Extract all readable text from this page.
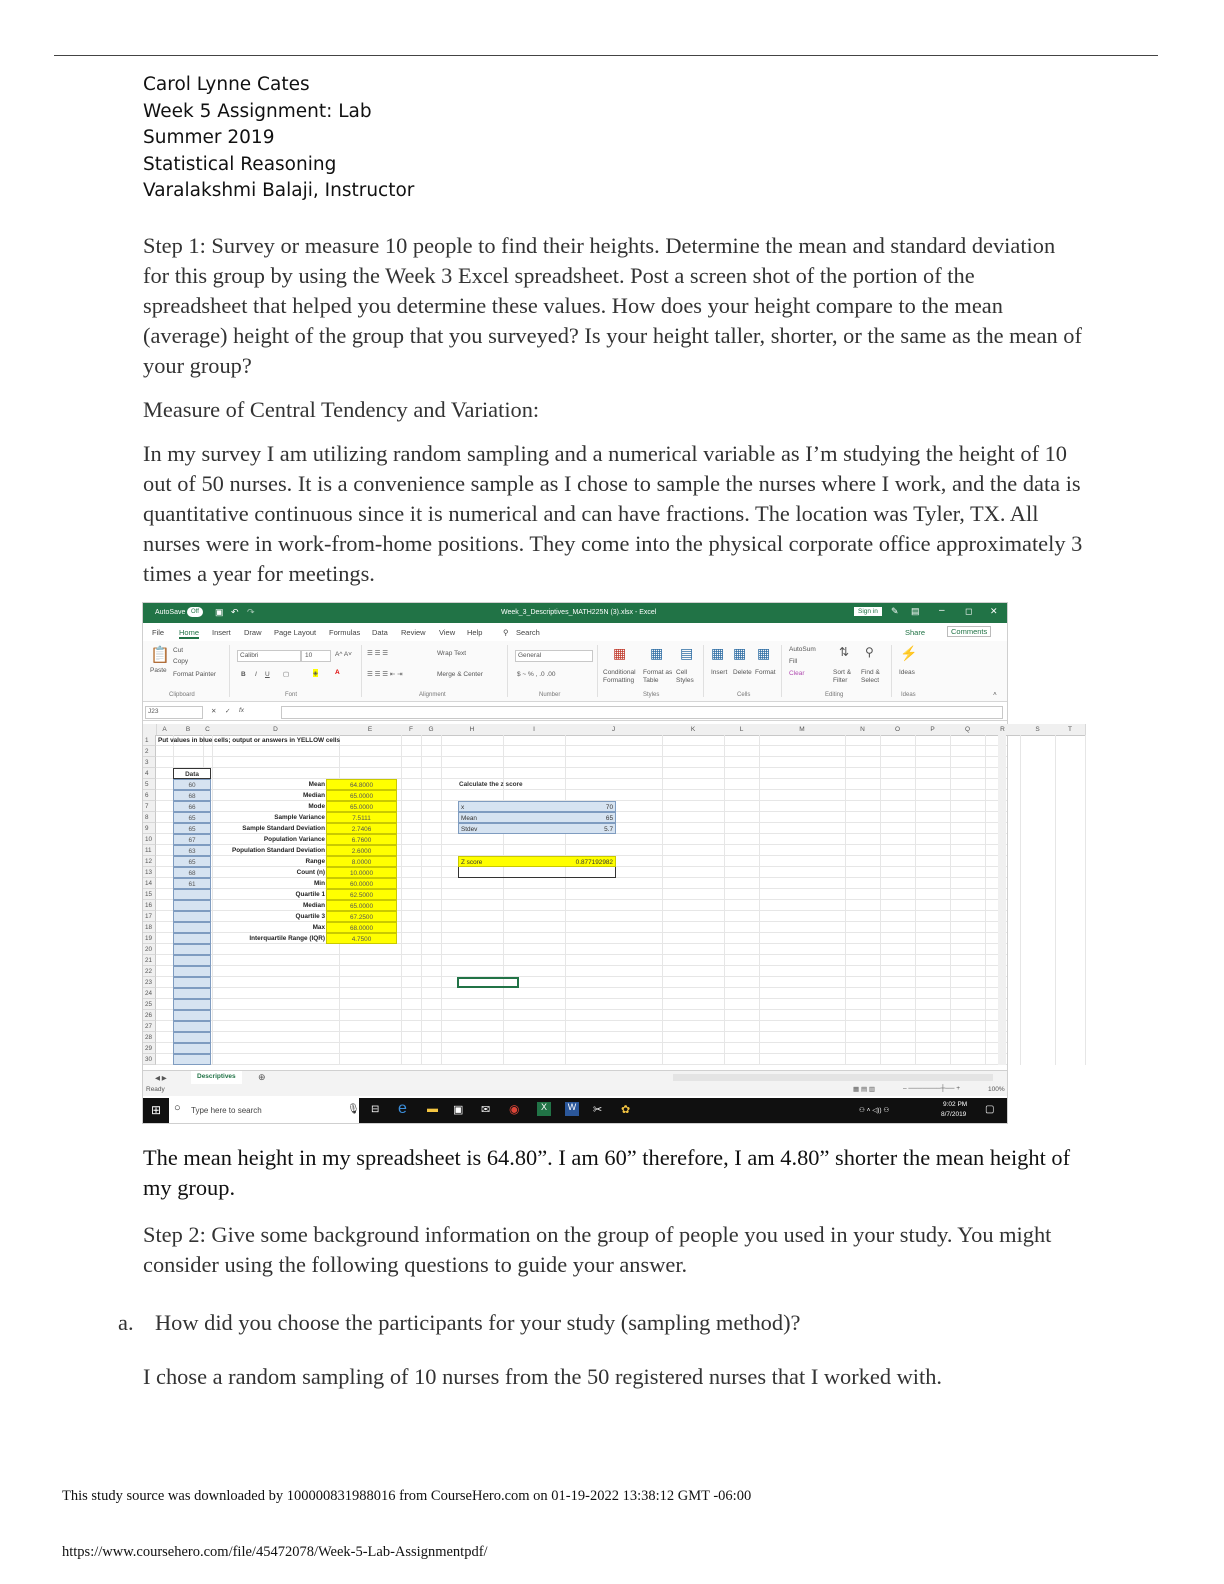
Carol Lynne Cates
Week 5 Assignment: Lab
Summer 2019
Statistical Reasoning
Varalakshmi Balaji, Instructor
Step 1: Survey or measure 10 people to find their heights. Determine the mean and standard deviation for this group by using the Week 3 Excel spreadsheet. Post a screen shot of the portion of the spreadsheet that helped you determine these values. How does your height compare to the mean (average) height of the group that you surveyed? Is your height taller, shorter, or the same as the mean of your group?
Measure of Central Tendency and Variation:
In my survey I am utilizing random sampling and a numerical variable as I’m studying the height of 10 out of 50 nurses. It is a convenience sample as I chose to sample the nurses where I work, and the data is quantitative continuous since it is numerical and can have fractions. The location was Tyler, TX. All nurses were in work-from-home positions. They come into the physical corporate office approximately 3 times a year for meetings.
AutoSave Off	▣ ↶ ↷	Week_3_Descriptives_MATH225N (3).xlsx - Excel	Sign in	✎ ▤ – ◻ ✕
File Home Insert Draw Page Layout Formulas Data Review View Help	⚲ Search	Share	Comments
📋
Paste
Cut
Copy
Format Painter
Clipboard
Calibri	10	A^ A˅
B I U ▢	◈	A
Font
☰ ☰ ☰
☰ ☰ ☰ ⇤ ⇥
Wrap Text
Merge & Center
Alignment
General
$ ~ % , .0 .00
Number
▦ ▦ ▤
Conditional Formatting
Format as Table
Cell Styles
Styles
▦ ▦ ▦
Insert Delete Format
Cells
AutoSum
Fill
Clear
⇅ ⚲
Sort & Filter
Find & Select
Editing
⚡
Ideas
Ideas	˄
J23	✕ ✓ fx
A	B	C	D	E	F	G	H	I	J	K	L	M	N	O	P	Q	R	S	T
1
2
3
4
5
6
7
8
9
10
11
12
13
14
15
16
17
18
19
20
21
22
23
24
25
26
27
28
29
30
Put values in blue cells; output or answers in YELLOW cells
Data
60
68
66
65
65
67
63
65
68
61
Mean	64.8000
Median	65.0000
Mode	65.0000
Sample Variance	7.5111
Sample Standard Deviation	2.7406
Population Variance	6.7600
Population Standard Deviation	2.6000
Range	8.0000
Count (n)	10.0000
Min	60.0000
Quartile 1	62.5000
Median	65.0000
Quartile 3	67.2500
Max	68.0000
Interquartile Range (IQR)	4.7500
Calculate the z score
x	70
Mean	65
Stdev	5.7
Z score	0.877192982
◀ ▶	Descriptives	⊕
Ready	▦ ▤ ▥	– ───────┼── +	100%
⊞ ○ Type here to search	🎙 ⊟ e ▬ ▣ ✉ ◉	X	W ✂ ✿	⚇ ˄ ◁)) ⚇
9:02 PM
8/7/2019 ▢
The mean height in my spreadsheet is 64.80”. I am 60” therefore, I am 4.80” shorter the mean height of my group.
Step 2: Give some background information on the group of people you used in your study. You might consider using the following questions to guide your answer.
a. How did you choose the participants for your study (sampling method)?
I chose a random sampling of 10 nurses from the 50 registered nurses that I worked with.
This study source was downloaded by 100000831988016 from CourseHero.com on 01-19-2022 13:38:12 GMT -06:00
https://www.coursehero.com/file/45472078/Week-5-Lab-Assignmentpdf/
